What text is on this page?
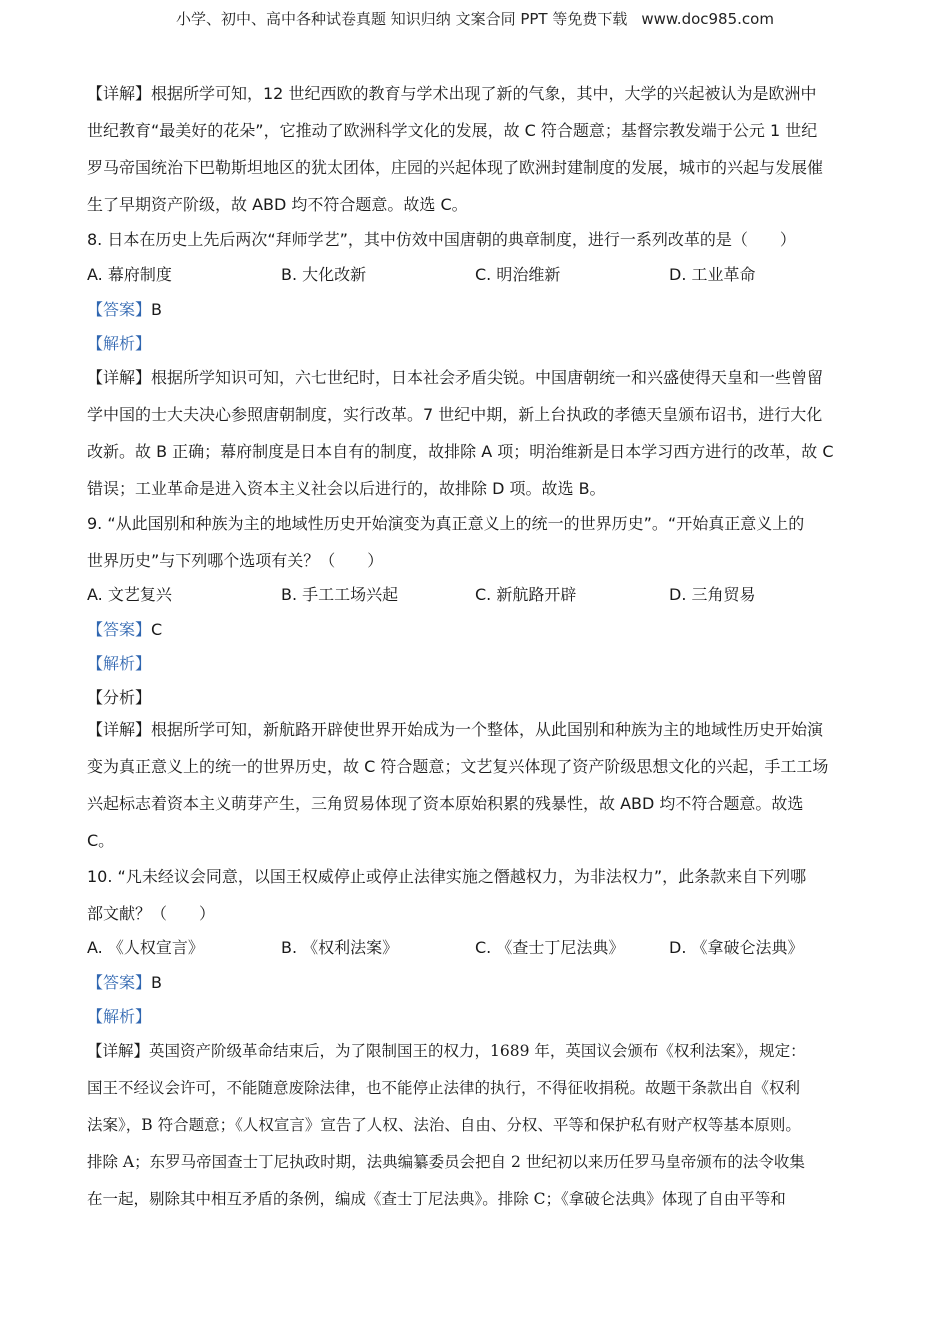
小学、初中、高中各种试卷真题 知识归纳 文案合同 PPT 等免费下载 www.doc985.com
【详解】根据所学可知，12 世纪西欧的教育与学术出现了新的气象，其中，大学的兴起被认为是欧洲中
世纪教育“最美好的花朵”，它推动了欧洲科学文化的发展，故 C 符合题意；基督宗教发端于公元 1 世纪
罗马帝国统治下巴勒斯坦地区的犹太团体，庄园的兴起体现了欧洲封建制度的发展，城市的兴起与发展催
生了早期资产阶级，故 ABD 均不符合题意。故选 C。
8. 日本在历史上先后两次“拜师学艺”，其中仿效中国唐朝的典章制度，进行一系列改革的是（　　）
A. 幕府制度	B. 大化改新	C. 明治维新	D. 工业革命
【答案】B
【解析】
【详解】根据所学知识可知，六七世纪时，日本社会矛盾尖锐。中国唐朝统一和兴盛使得天皇和一些曾留
学中国的士大夫决心参照唐朝制度，实行改革。7 世纪中期，新上台执政的孝德天皇颁布诏书，进行大化
改新。故 B 正确；幕府制度是日本自有的制度，故排除 A 项；明治维新是日本学习西方进行的改革，故 C
错误；工业革命是进入资本主义社会以后进行的，故排除 D 项。故选 B。
9. “从此国别和种族为主的地域性历史开始演变为真正意义上的统一的世界历史”。“开始真正意义上的
世界历史”与下列哪个选项有关？（　　）
A. 文艺复兴	B. 手工工场兴起	C. 新航路开辟	D. 三角贸易
【答案】C
【解析】
【分析】
【详解】根据所学可知，新航路开辟使世界开始成为一个整体，从此国别和种族为主的地域性历史开始演
变为真正意义上的统一的世界历史，故 C 符合题意；文艺复兴体现了资产阶级思想文化的兴起，手工工场
兴起标志着资本主义萌芽产生，三角贸易体现了资本原始积累的残暴性，故 ABD 均不符合题意。故选
C。
10. “凡未经议会同意，以国王权威停止或停止法律实施之僭越权力，为非法权力”，此条款来自下列哪
部文献？（　　）
A. 《人权宣言》	B. 《权利法案》	C. 《查士丁尼法典》	D. 《拿破仑法典》
【答案】B
【解析】
【详解】英国资产阶级革命结束后，为了限制国王的权力，1689 年，英国议会颁布《权利法案》，规定：
国王不经议会许可，不能随意废除法律，也不能停止法律的执行，不得征收捐税。故题干条款出自《权利
法案》，B 符合题意；《人权宣言》宣告了人权、法治、自由、分权、平等和保护私有财产权等基本原则。
排除 A；东罗马帝国查士丁尼执政时期，法典编纂委员会把自 2 世纪初以来历任罗马皇帝颁布的法令收集
在一起，剔除其中相互矛盾的条例，编成《查士丁尼法典》。排除 C；《拿破仑法典》体现了自由平等和
